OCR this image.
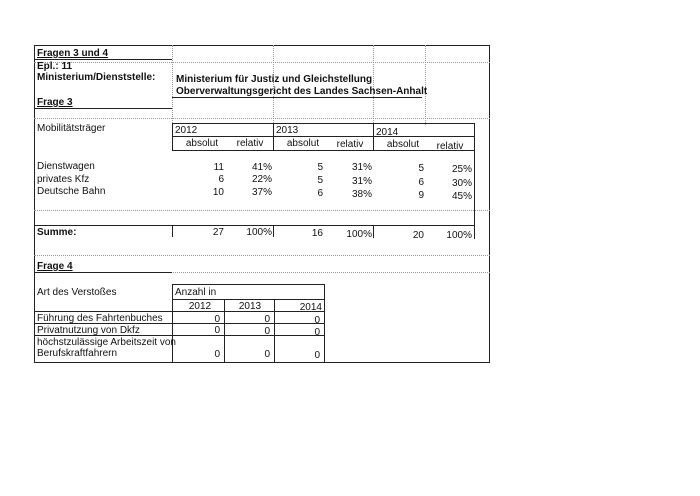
Fragen 3 und 4
Epl.: 11
Ministerium/Dienststelle: Ministerium für Justiz und Gleichstellung
Oberverwaltungsgericht des Landes Sachsen-Anhalt
Frage 3
Mobilitätsträger	2012	2013	2014
absolut	relativ	absolut	relativ	absolut	relativ
Dienstwagen	11	41%	5	31%	5	25%
privates Kfz	6	22%	5	31%	6	30%
Deutsche Bahn	10	37%	6	38%	9	45%
Summe:	27	100%	16	100%	20	100%
Frage 4
Art des Verstoßes	Anzahl in
2012	2013	2014
Führung des Fahrtenbuches	0	0	0
Privatnutzung von Dkfz	0	0	0
höchstzulässige Arbeitszeit von
Berufskraftfahrern	0	0	0
